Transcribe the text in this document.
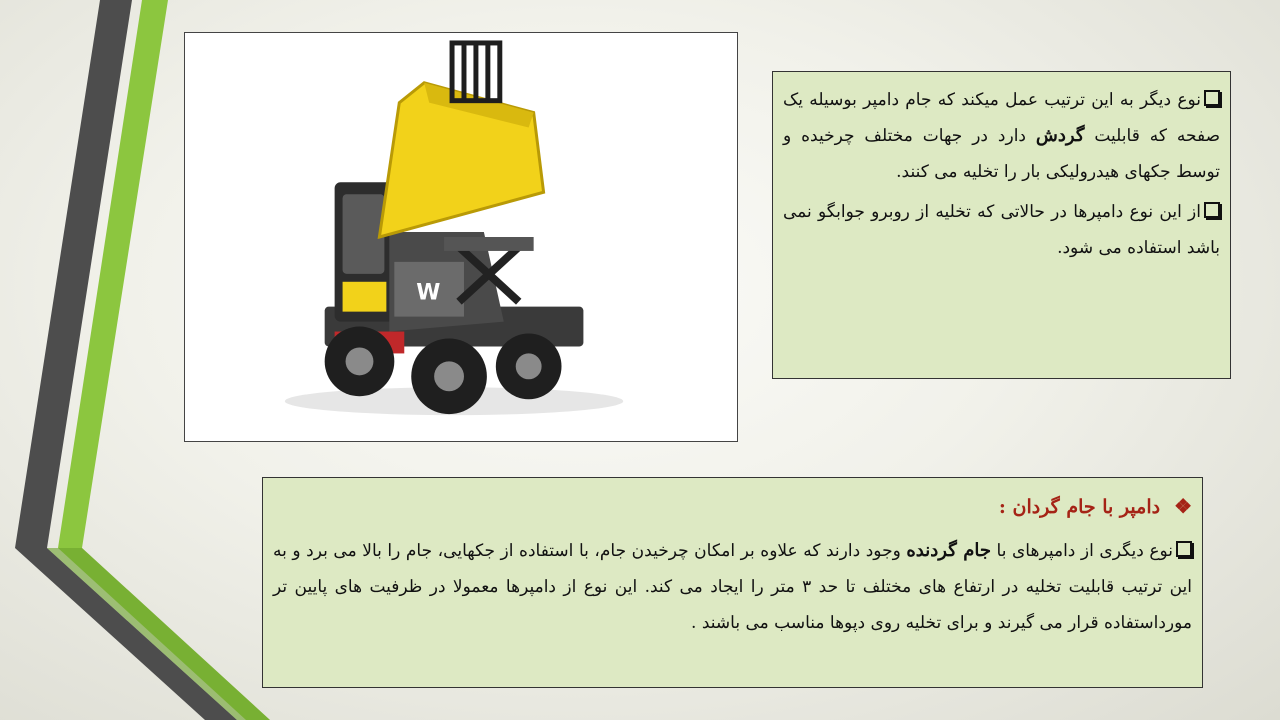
W

نوع دیگر به این ترتیب عمل میکند که جام دامپر بوسیله یک صفحه که قابلیت گردش دارد در جهات مختلف چرخیده و توسط جکهای هیدرولیکی بار را تخلیه می کنند.

از این نوع دامپرها در حالاتی که تخلیه از روبرو جوابگو نمی باشد استفاده می شود.

❖دامپر با جام گردان :

نوع دیگری از دامپرهای با جام گردنده وجود دارند که علاوه بر امکان چرخیدن جام، با استفاده از جکهایی، جام را بالا می برد و به این ترتیب قابلیت تخلیه در ارتفاع های مختلف تا حد ۳ متر را ایجاد می کند. این نوع از دامپرها معمولا در ظرفیت های پایین تر مورداستفاده قرار می گیرند و برای تخلیه روی دپوها مناسب می باشند .
